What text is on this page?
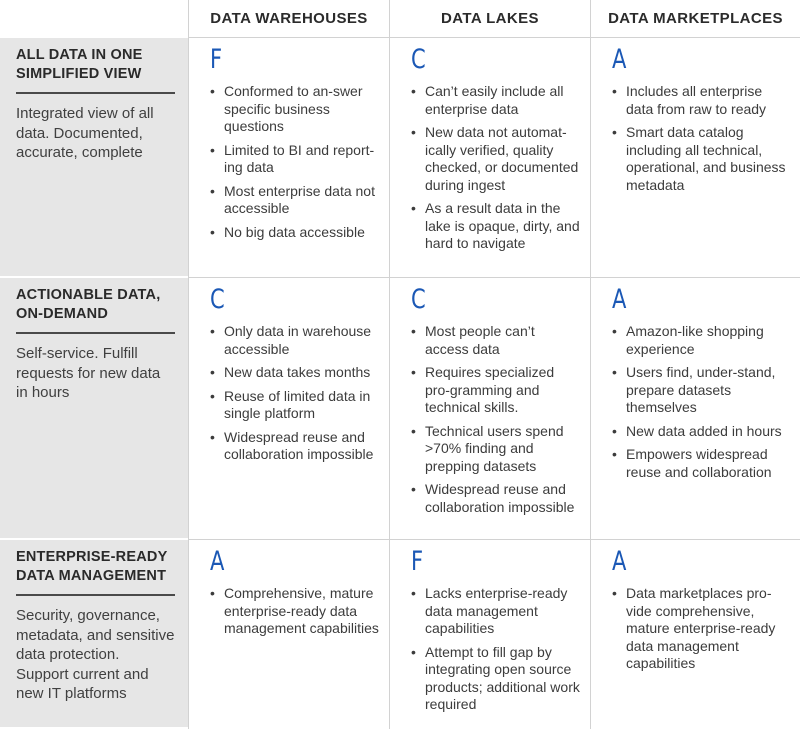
DATA WAREHOUSES	DATA LAKES	DATA MARKETPLACES
ALL DATA IN ONE SIMPLIFIED VIEW
Integrated view of all data. Documented, accurate, complete
F
• Conformed to an-swer specific business questions
• Limited to BI and report-ing data
• Most enterprise data not accessible
• No big data accessible
C
• Can’t easily include all enterprise data
• New data not automat-ically verified, quality checked, or documented during ingest
• As a result data in the lake is opaque, dirty, and hard to navigate
A
• Includes all enterprise data from raw to ready
• Smart data catalog including all technical, operational, and business metadata
ACTIONABLE DATA, ON-DEMAND
Self-service. Fulfill requests for new data in hours
C
• Only data in warehouse accessible
• New data takes months
• Reuse of limited data in single platform
• Widespread reuse and collaboration impossible
C
• Most people can’t access data
• Requires specialized pro-gramming and technical skills.
• Technical users spend >70% finding and prepping datasets
• Widespread reuse and collaboration impossible
A
• Amazon-like shopping experience
• Users find, under-stand, prepare datasets themselves
• New data added in hours
• Empowers widespread reuse and collaboration
ENTERPRISE-READY DATA MANAGEMENT
Security, governance, metadata, and sensitive data protection. Support current and new IT platforms
A
• Comprehensive, mature enterprise-ready data management capabilities
F
• Lacks enterprise-ready data management capabilities
• Attempt to fill gap by integrating open source products; additional work required
A
• Data marketplaces pro-vide comprehensive, mature enterprise-ready data management capabilities
